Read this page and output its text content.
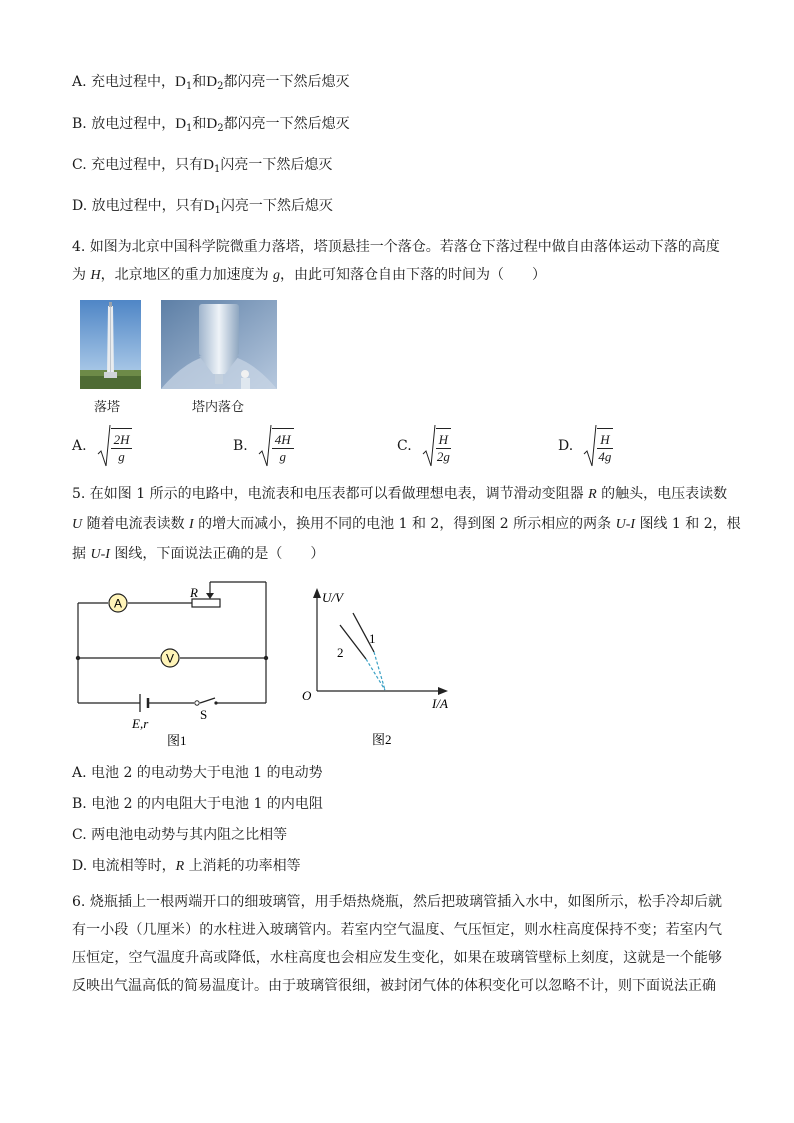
A. 充电过程中，$D_1$和$D_2$都闪亮一下然后熄灭
B. 放电过程中，$D_1$和$D_2$都闪亮一下然后熄灭
C. 充电过程中，只有$D_1$闪亮一下然后熄灭
D. 放电过程中，只有$D_1$闪亮一下然后熄灭
4. 如图为北京中国科学院微重力落塔，塔顶悬挂一个落仓。若落仓下落过程中做自由落体运动下落的高度
为 H，北京地区的重力加速度为 g，由此可知落仓自由下落的时间为（　　）
落塔	塔内落仓
A. $\frac{2H}{g}$	B. $\frac{4H}{g}$	C. $\frac{H}{2g}$	D. $\frac{H}{4g}$
5. 在如图 1 所示的电路中，电流表和电压表都可以看做理想电表，调节滑动变阻器 R 的触头，电压表读数
U 随着电流表读数 I 的增大而减小，换用不同的电池 1 和 2，得到图 2 所示相应的两条 U-I 图线 1 和 2，根
据 U-I 图线，下面说法正确的是（　　）
A
V
R
E,r
S
图1
U/V
I/A
O
1
2
图2
A. 电池 2 的电动势大于电池 1 的电动势
B. 电池 2 的内电阻大于电池 1 的内电阻
C. 两电池电动势与其内阻之比相等
D. 电流相等时，R 上消耗的功率相等
6. 烧瓶插上一根两端开口的细玻璃管，用手焐热烧瓶，然后把玻璃管插入水中，如图所示，松手冷却后就有一小段（几厘米）的水柱进入玻璃管内。若室内空气温度、气压恒定，则水柱高度保持不变；若室内气压恒定，空气温度升高或降低，水柱高度也会相应发生变化，如果在玻璃管壁标上刻度，这就是一个能够反映出气温高低的简易温度计。由于玻璃管很细，被封闭气体的体积变化可以忽略不计，则下面说法正确
